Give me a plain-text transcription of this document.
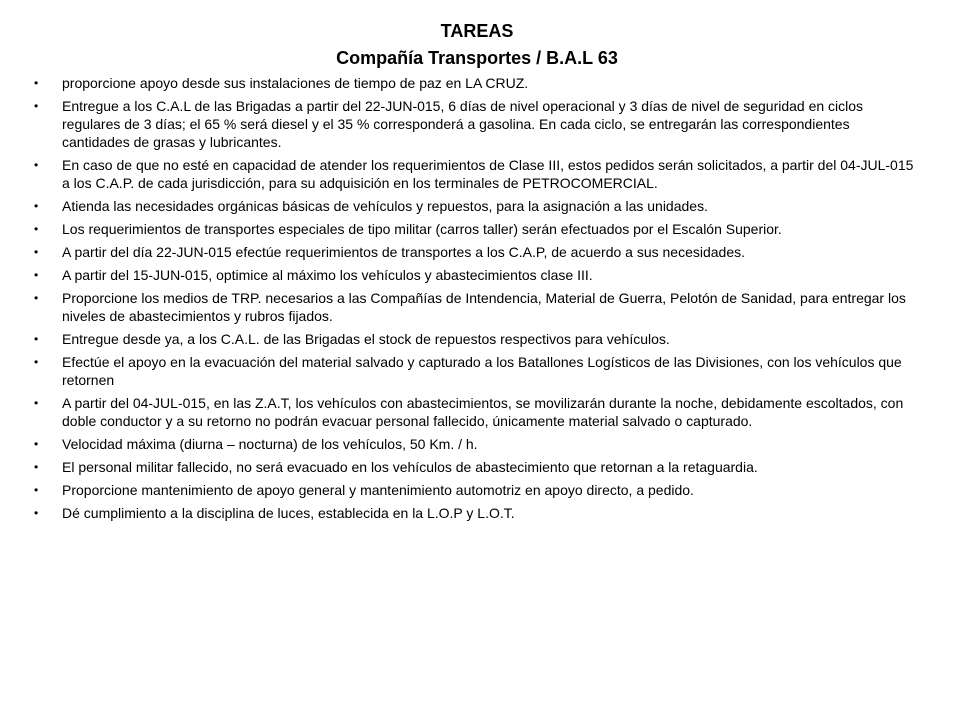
TAREAS
Compañía Transportes / B.A.L 63
• proporcione apoyo desde sus instalaciones de tiempo de paz en LA CRUZ.
• Entregue a los C.A.L de las Brigadas a partir del 22-JUN-015, 6 días de nivel operacional y 3 días de nivel de seguridad en ciclos regulares de 3 días; el 65 % será diesel y el 35 % corresponderá a gasolina. En cada ciclo, se entregarán las correspondientes cantidades de grasas y lubricantes.
• En caso de que no esté en capacidad de atender los requerimientos de Clase III, estos pedidos serán solicitados, a partir del 04-JUL-015 a los C.A.P. de cada jurisdicción, para su adquisición en los terminales de PETROCOMERCIAL.
• Atienda las necesidades orgánicas básicas de vehículos y repuestos, para la asignación a las unidades.
• Los requerimientos de transportes especiales de tipo militar (carros taller) serán efectuados por el Escalón Superior.
• A partir del día 22-JUN-015 efectúe requerimientos de transportes a los C.A.P, de acuerdo a sus necesidades.
• A partir del 15-JUN-015, optimice al máximo los vehículos y abastecimientos clase III.
• Proporcione los medios de TRP. necesarios a las Compañías de Intendencia, Material de Guerra, Pelotón de Sanidad, para entregar los niveles de abastecimientos y rubros fijados.
• Entregue desde ya, a los C.A.L. de las Brigadas el stock de repuestos respectivos para vehículos.
• Efectúe el apoyo en la evacuación del material salvado y capturado a los Batallones Logísticos de las Divisiones, con los vehículos que retornen
• A partir del 04-JUL-015, en las Z.A.T, los vehículos con abastecimientos, se movilizarán durante la noche, debidamente escoltados, con doble conductor y a su retorno no podrán evacuar personal fallecido, únicamente material salvado o capturado.
• Velocidad máxima (diurna – nocturna) de los vehículos, 50 Km. / h.
• El personal militar fallecido, no será evacuado en los vehículos de abastecimiento que retornan a la retaguardia.
• Proporcione mantenimiento de apoyo general y mantenimiento automotriz en apoyo directo, a pedido.
• Dé cumplimiento a la disciplina de luces, establecida en la L.O.P y L.O.T.
